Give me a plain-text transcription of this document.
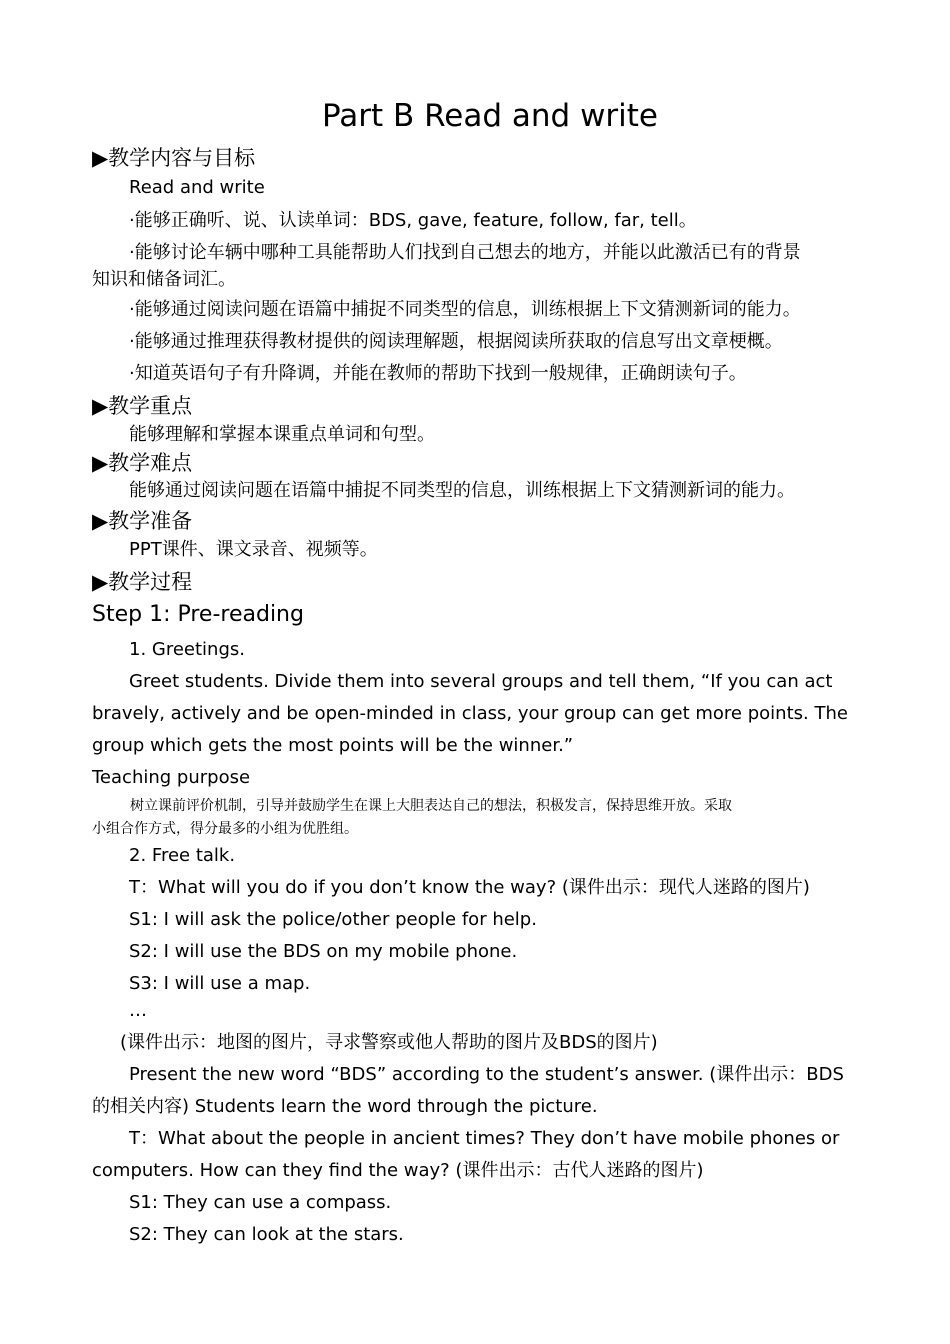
Part B Read and write
▶教学内容与目标
Read and write
·能够正确听、说、认读单词：BDS, gave, feature, follow, far, tell。
·能够讨论车辆中哪种工具能帮助人们找到自己想去的地方，并能以此激活已有的背景
知识和储备词汇。
·能够通过阅读问题在语篇中捕捉不同类型的信息，训练根据上下文猜测新词的能力。
·能够通过推理获得教材提供的阅读理解题，根据阅读所获取的信息写出文章梗概。
·知道英语句子有升降调，并能在教师的帮助下找到一般规律，正确朗读句子。
▶教学重点
能够理解和掌握本课重点单词和句型。
▶教学难点
能够通过阅读问题在语篇中捕捉不同类型的信息，训练根据上下文猜测新词的能力。
▶教学准备
PPT课件、课文录音、视频等。
▶教学过程
Step 1: Pre-reading
1. Greetings.
Greet students. Divide them into several groups and tell them, “If you can act
bravely, actively and be open-minded in class, your group can get more points. The
group which gets the most points will be the winner.”
Teaching purpose
树立课前评价机制，引导并鼓励学生在课上大胆表达自己的想法，积极发言，保持思维开放。采取
小组合作方式，得分最多的小组为优胜组。
2. Free talk.
T：What will you do if you don’t know the way? (课件出示：现代人迷路的图片)
S1: I will ask the police/other people for help.
S2: I will use the BDS on my mobile phone.
S3: I will use a map.
…
(课件出示：地图的图片，寻求警察或他人帮助的图片及BDS的图片)
Present the new word “BDS” according to the student’s answer. (课件出示：BDS
的相关内容) Students learn the word through the picture.
T：What about the people in ancient times? They don’t have mobile phones or
computers. How can they find the way? (课件出示：古代人迷路的图片)
S1: They can use a compass.
S2: They can look at the stars.
